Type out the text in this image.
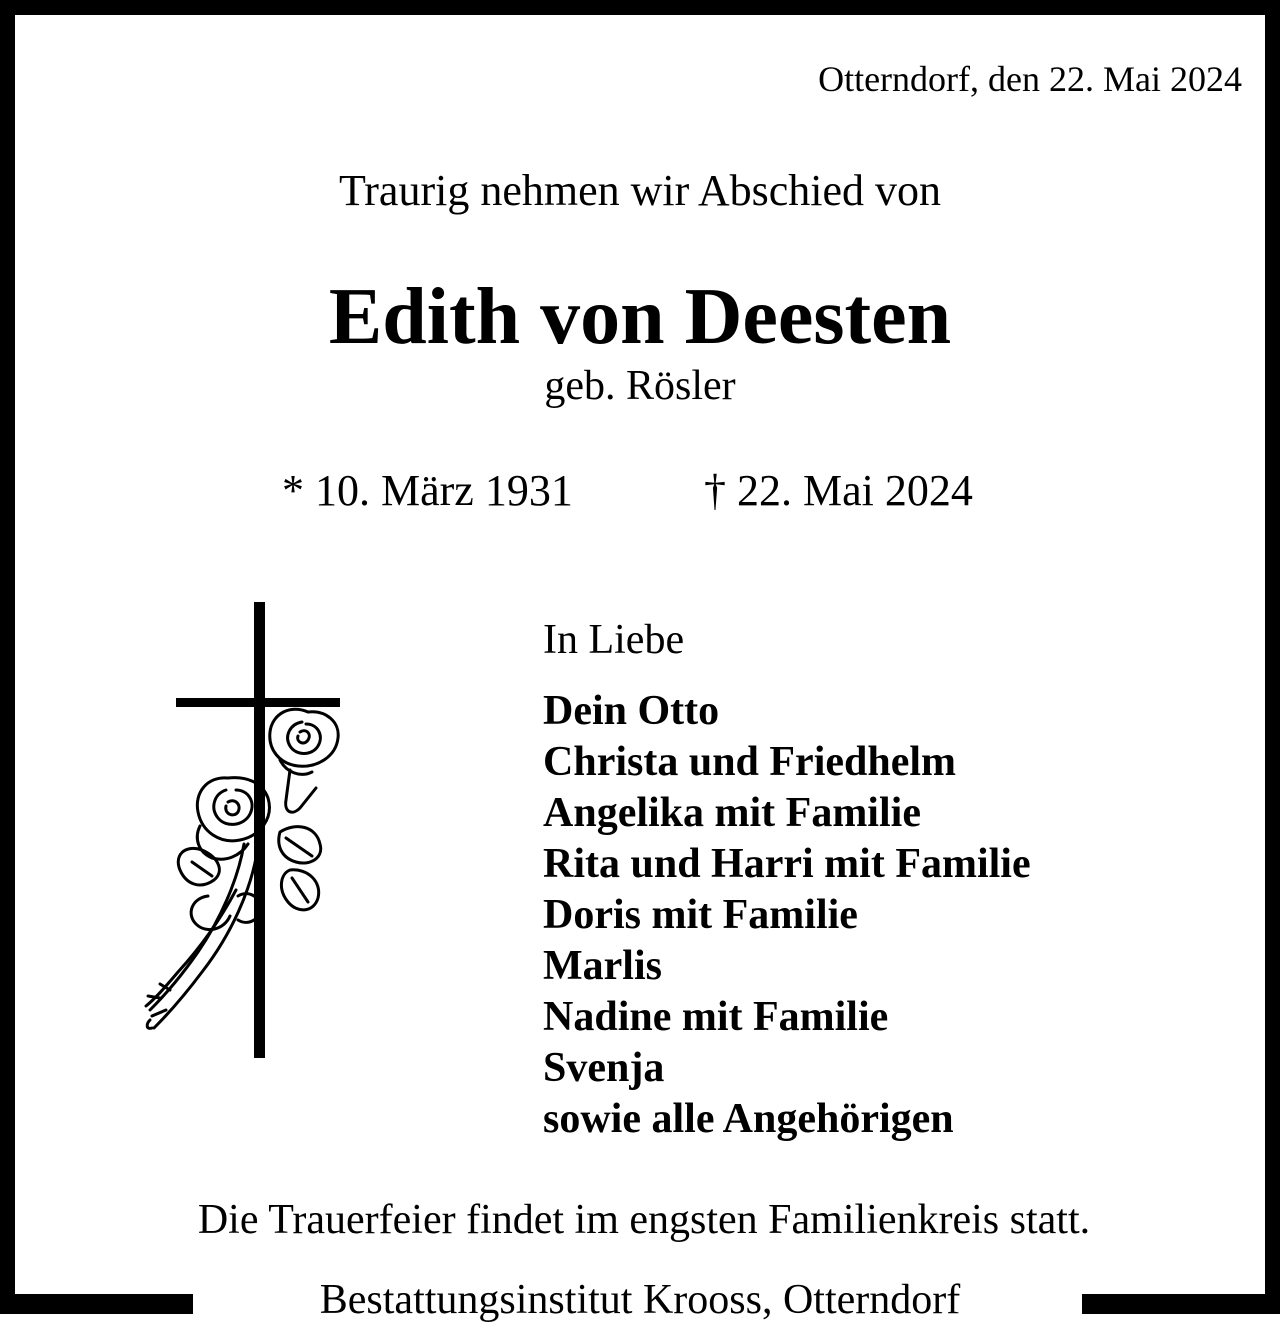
Otterndorf, den 22. Mai 2024
Traurig nehmen wir Abschied von
Edith von Deesten
geb. Rösler
* 10. März 1931	† 22. Mai 2024
In Liebe
Dein Otto
Christa und Friedhelm
Angelika mit Familie
Rita und Harri mit Familie
Doris mit Familie
Marlis
Nadine mit Familie
Svenja
sowie alle Angehörigen
Die Trauerfeier findet im engsten Familienkreis statt.
Bestattungsinstitut Krooss, Otterndorf
